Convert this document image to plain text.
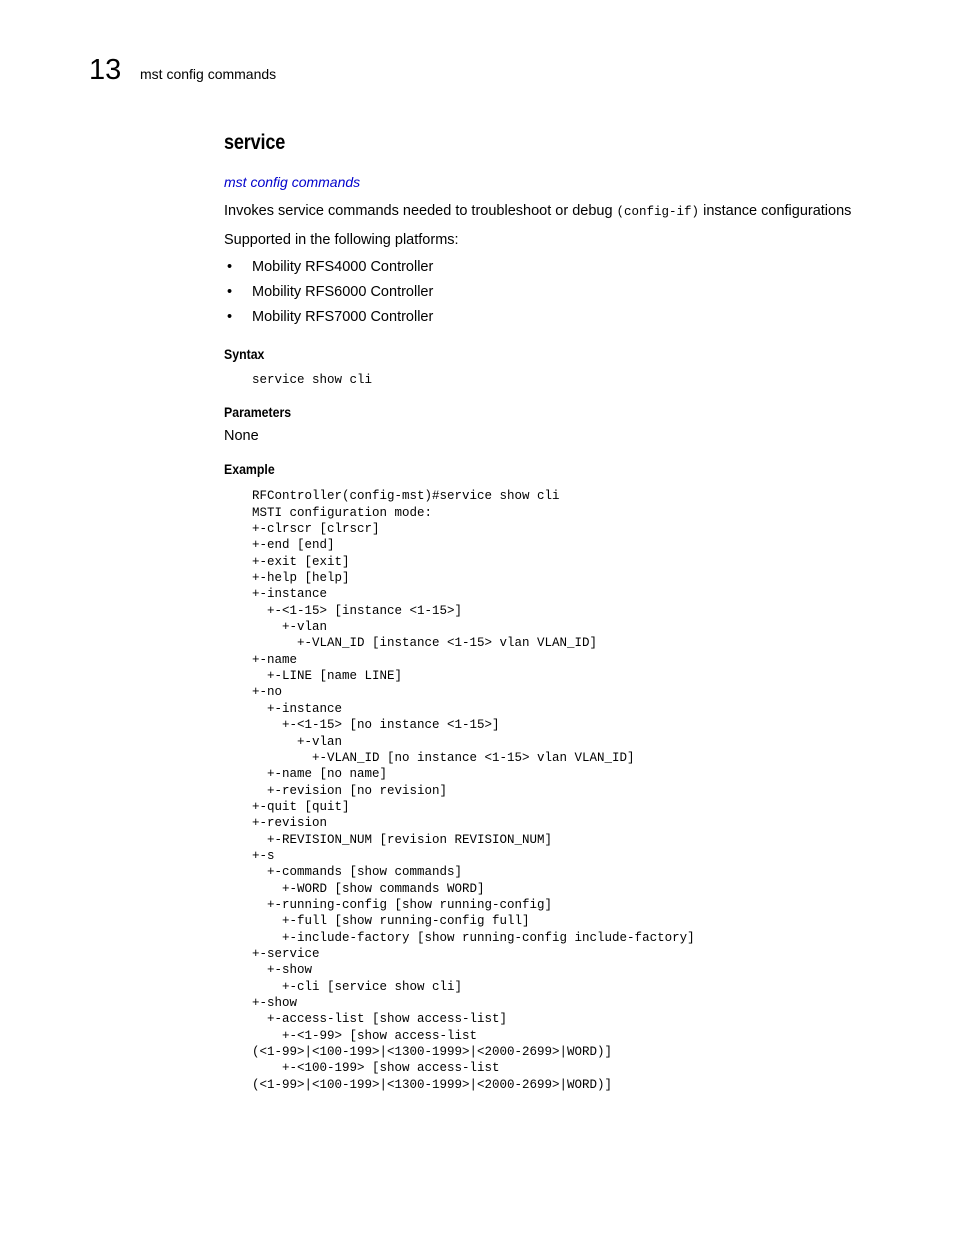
13 mst config commands
service
mst config commands

Invokes service commands needed to troubleshoot or debug (config-if) instance configurations

Supported in the following platforms:

• Mobility RFS4000 Controller
• Mobility RFS6000 Controller
• Mobility RFS7000 Controller
Syntax
service show cli
Parameters

None

Example
RFController(config-mst)#service show cli
MSTI configuration mode:
+-clrscr [clrscr]
+-end [end]
+-exit [exit]
+-help [help]
+-instance
+-<1-15> [instance <1-15>]
+-vlan
+-VLAN_ID [instance <1-15> vlan VLAN_ID]
+-name
+-LINE [name LINE]
+-no
+-instance
+-<1-15> [no instance <1-15>]
+-vlan
+-VLAN_ID [no instance <1-15> vlan VLAN_ID]
+-name [no name]
+-revision [no revision]
+-quit [quit]
+-revision
+-REVISION_NUM [revision REVISION_NUM]
+-s
+-commands [show commands]
+-WORD [show commands WORD]
+-running-config [show running-config]
+-full [show running-config full]
+-include-factory [show running-config include-factory]
+-service
+-show
+-cli [service show cli]
+-show
+-access-list [show access-list]
+-<1-99> [show access-list
(<1-99>|<100-199>|<1300-1999>|<2000-2699>|WORD)]
+-<100-199> [show access-list
(<1-99>|<100-199>|<1300-1999>|<2000-2699>|WORD)]
